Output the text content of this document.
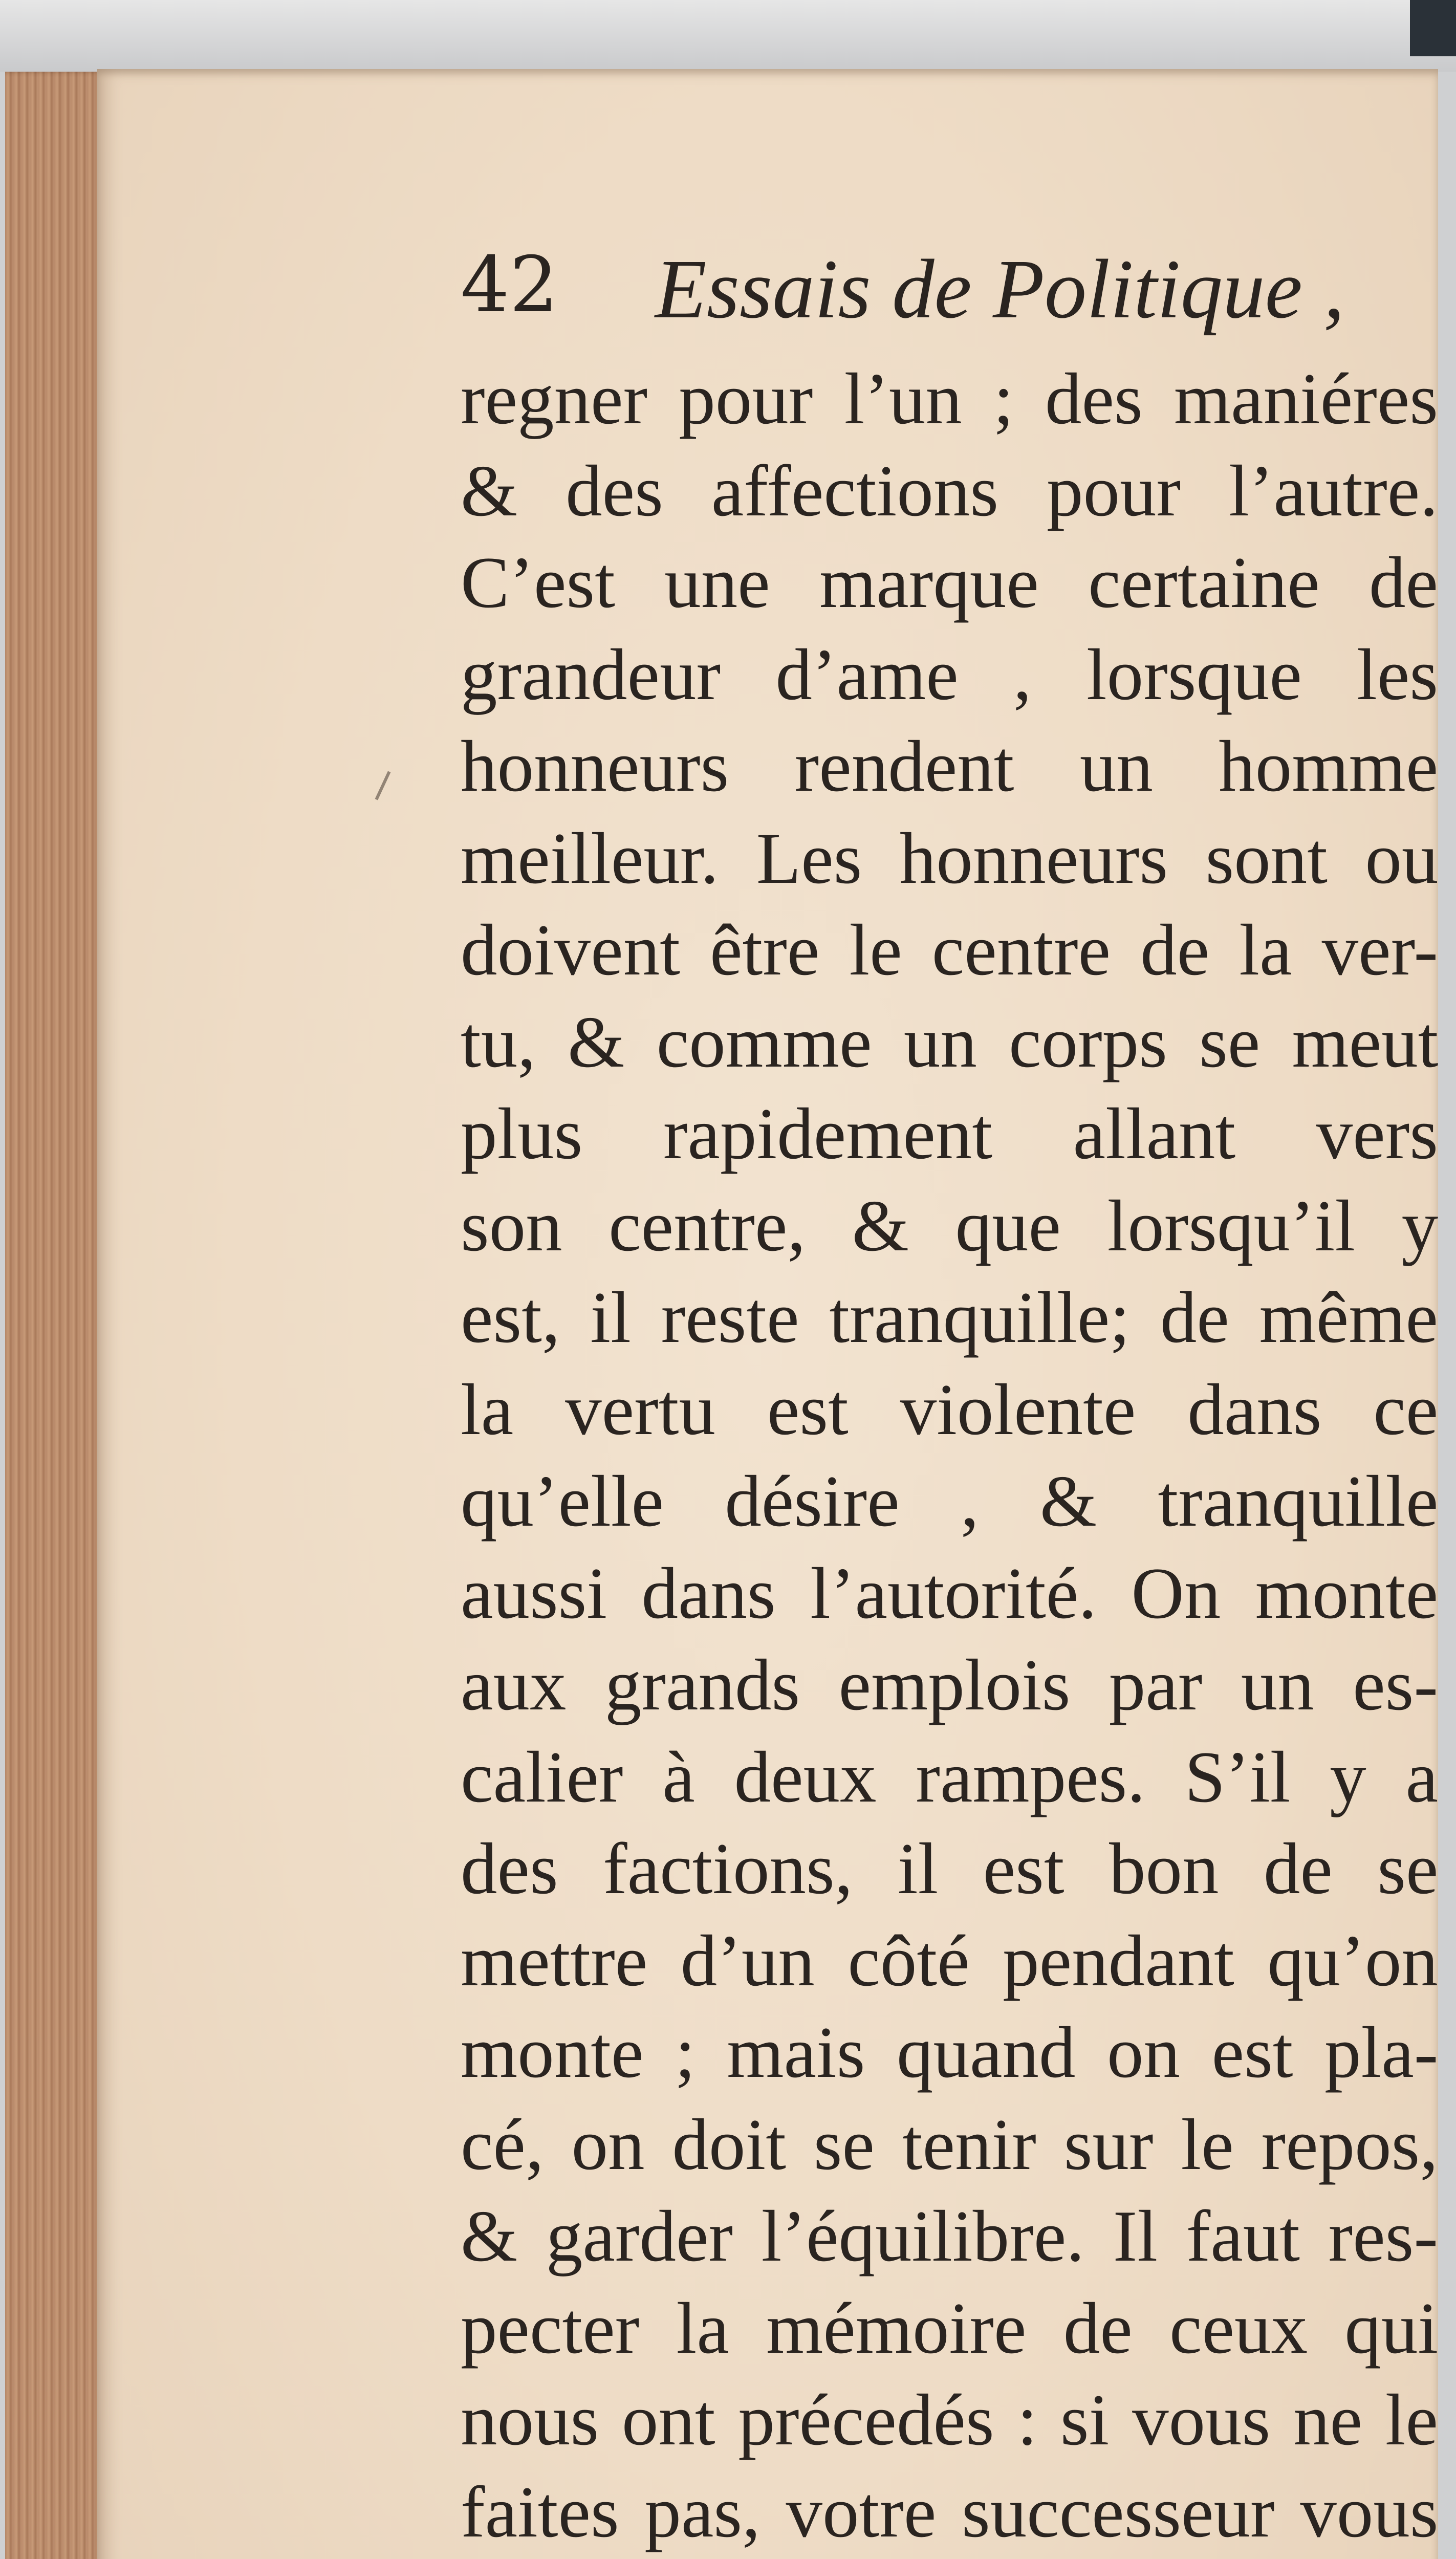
42 Essais de Politique ,
regner pour l’un ; des maniéres
& des affections pour l’autre.
C’est une marque certaine de
grandeur d’ame , lorsque les
honneurs rendent un homme
meilleur. Les honneurs sont ou
doivent être le centre de la ver-
tu, & comme un corps se meut
plus rapidement allant vers
son centre, & que lorsqu’il y
est, il reste tranquille; de même
la vertu est violente dans ce
qu’elle désire , & tranquille
aussi dans l’autorité. On monte
aux grands emplois par un es-
calier à deux rampes. S’il y a
des factions, il est bon de se
mettre d’un côté pendant qu’on
monte ; mais quand on est pla-
cé, on doit se tenir sur le repos,
& garder l’équilibre. Il faut res-
pecter la mémoire de ceux qui
nous ont précedés : si vous ne le
faites pas, votre successeur vous
